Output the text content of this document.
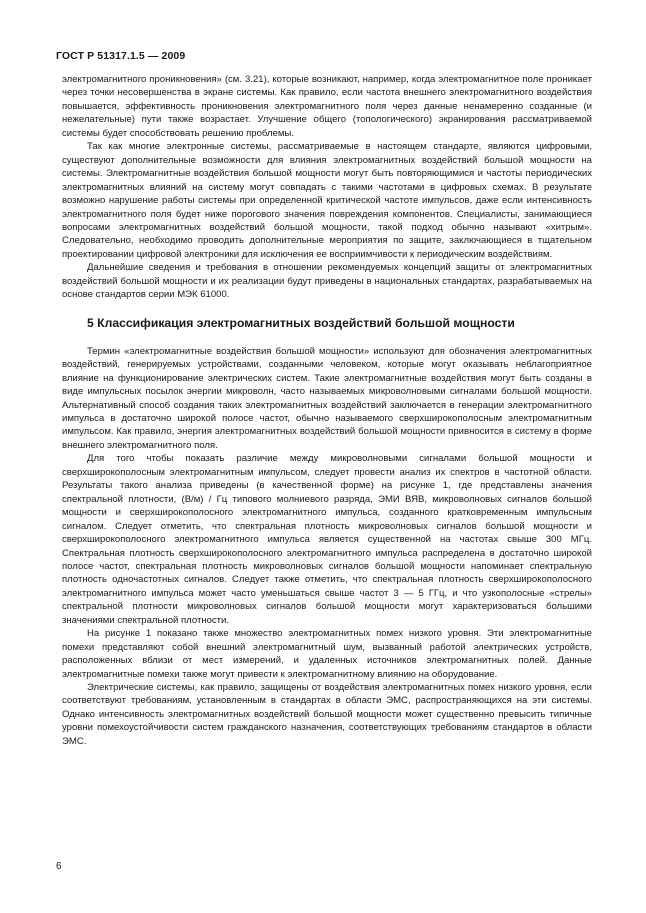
ГОСТ Р 51317.1.5 — 2009

электромагнитного проникновения» (см. 3.21), которые возникают, например, когда электромагнитное поле проникает через точки несовершенства в экране системы. Как правило, если частота внешнего электромагнитного воздействия повышается, эффективность проникновения электромагнитного поля через данные ненамеренно созданные (и нежелательные) пути также возрастает. Улучшение общего (топологического) экранирования рассматриваемой системы будет способствовать решению проблемы.

Так как многие электронные системы, рассматриваемые в настоящем стандарте, являются цифровыми, существуют дополнительные возможности для влияния электромагнитных воздействий большой мощности на системы. Электромагнитные воздействия большой мощности могут быть повторяющимися и частоты периодических электромагнитных влияний на систему могут совпадать с такими частотами в цифровых схемах. В результате возможно нарушение работы системы при определенной критической частоте импульсов, даже если интенсивность электромагнитного поля будет ниже порогового значения повреждения компонентов. Специалисты, занимающиеся вопросами электромагнитных воздействий большой мощности, такой подход обычно называют «хитрым». Следовательно, необходимо проводить дополнительные мероприятия по защите, заключающиеся в тщательном проектировании цифровой электроники для исключения ее восприимчивости к периодическим воздействиям.

Дальнейшие сведения и требования в отношении рекомендуемых концепций защиты от электромагнитных воздействий большой мощности и их реализации будут приведены в национальных стандартах, разрабатываемых на основе стандартов серии МЭК 61000.

5 Классификация электромагнитных воздействий большой мощности

Термин «электромагнитные воздействия большой мощности» используют для обозначения электромагнитных воздействий, генерируемых устройствами, созданными человеком, которые могут оказывать неблагоприятное влияние на функционирование электрических систем. Такие электромагнитные воздействия могут быть созданы в виде импульсных посылок энергии микроволн, часто называемых микроволновыми сигналами большой мощности. Альтернативный способ создания таких электромагнитных воздействий заключается в генерации электромагнитного импульса в достаточно широкой полосе частот, обычно называемого сверхширокополосным электромагнитным импульсом. Как правило, энергия электромагнитных воздействий большой мощности привносится в систему в форме внешнего электромагнитного поля.

Для того чтобы показать различие между микроволновыми сигналами большой мощности и сверхширокополосным электромагнитным импульсом, следует провести анализ их спектров в частотной области. Результаты такого анализа приведены (в качественной форме) на рисунке 1, где представлены значения спектральной плотности, (В/м) / Гц типового молниевого разряда, ЭМИ ВЯВ, микроволновых сигналов большой мощности и сверхширокополосного электромагнитного импульса, созданного кратковременным импульсным сигналом. Следует отметить, что спектральная плотность микроволновых сигналов большой мощности и сверхширокополосного электромагнитного импульса является существенной на частотах свыше 300 МГц. Спектральная плотность сверхширокополосного электромагнитного импульса распределена в достаточно широкой полосе частот, спектральная плотность микроволновых сигналов большой мощности напоминает спектральную плотность одночастотных сигналов. Следует также отметить, что спектральная плотность сверхширокополосного электромагнитного импульса может часто уменьшаться свыше частот 3 — 5 ГГц, и что узкополосные «стрелы» спектральной плотности микроволновых сигналов большой мощности могут характеризоваться большими значениями спектральной плотности.

На рисунке 1 показано также множество электромагнитных помех низкого уровня. Эти электромагнитные помехи представляют собой внешний электромагнитный шум, вызванный работой электрических устройств, расположенных вблизи от мест измерений, и удаленных источников электромагнитных полей. Данные электромагнитные помехи также могут привести к электромагнитному влиянию на оборудование.

Электрические системы, как правило, защищены от воздействия электромагнитных помех низкого уровня, если соответствуют требованиям, установленным в стандартах в области ЭМС, распространяющихся на эти системы. Однако интенсивность электромагнитных воздействий большой мощности может существенно превысить типичные уровни помехоустойчивости систем гражданского назначения, соответствующих требованиям стандартов в области ЭМС.

6
